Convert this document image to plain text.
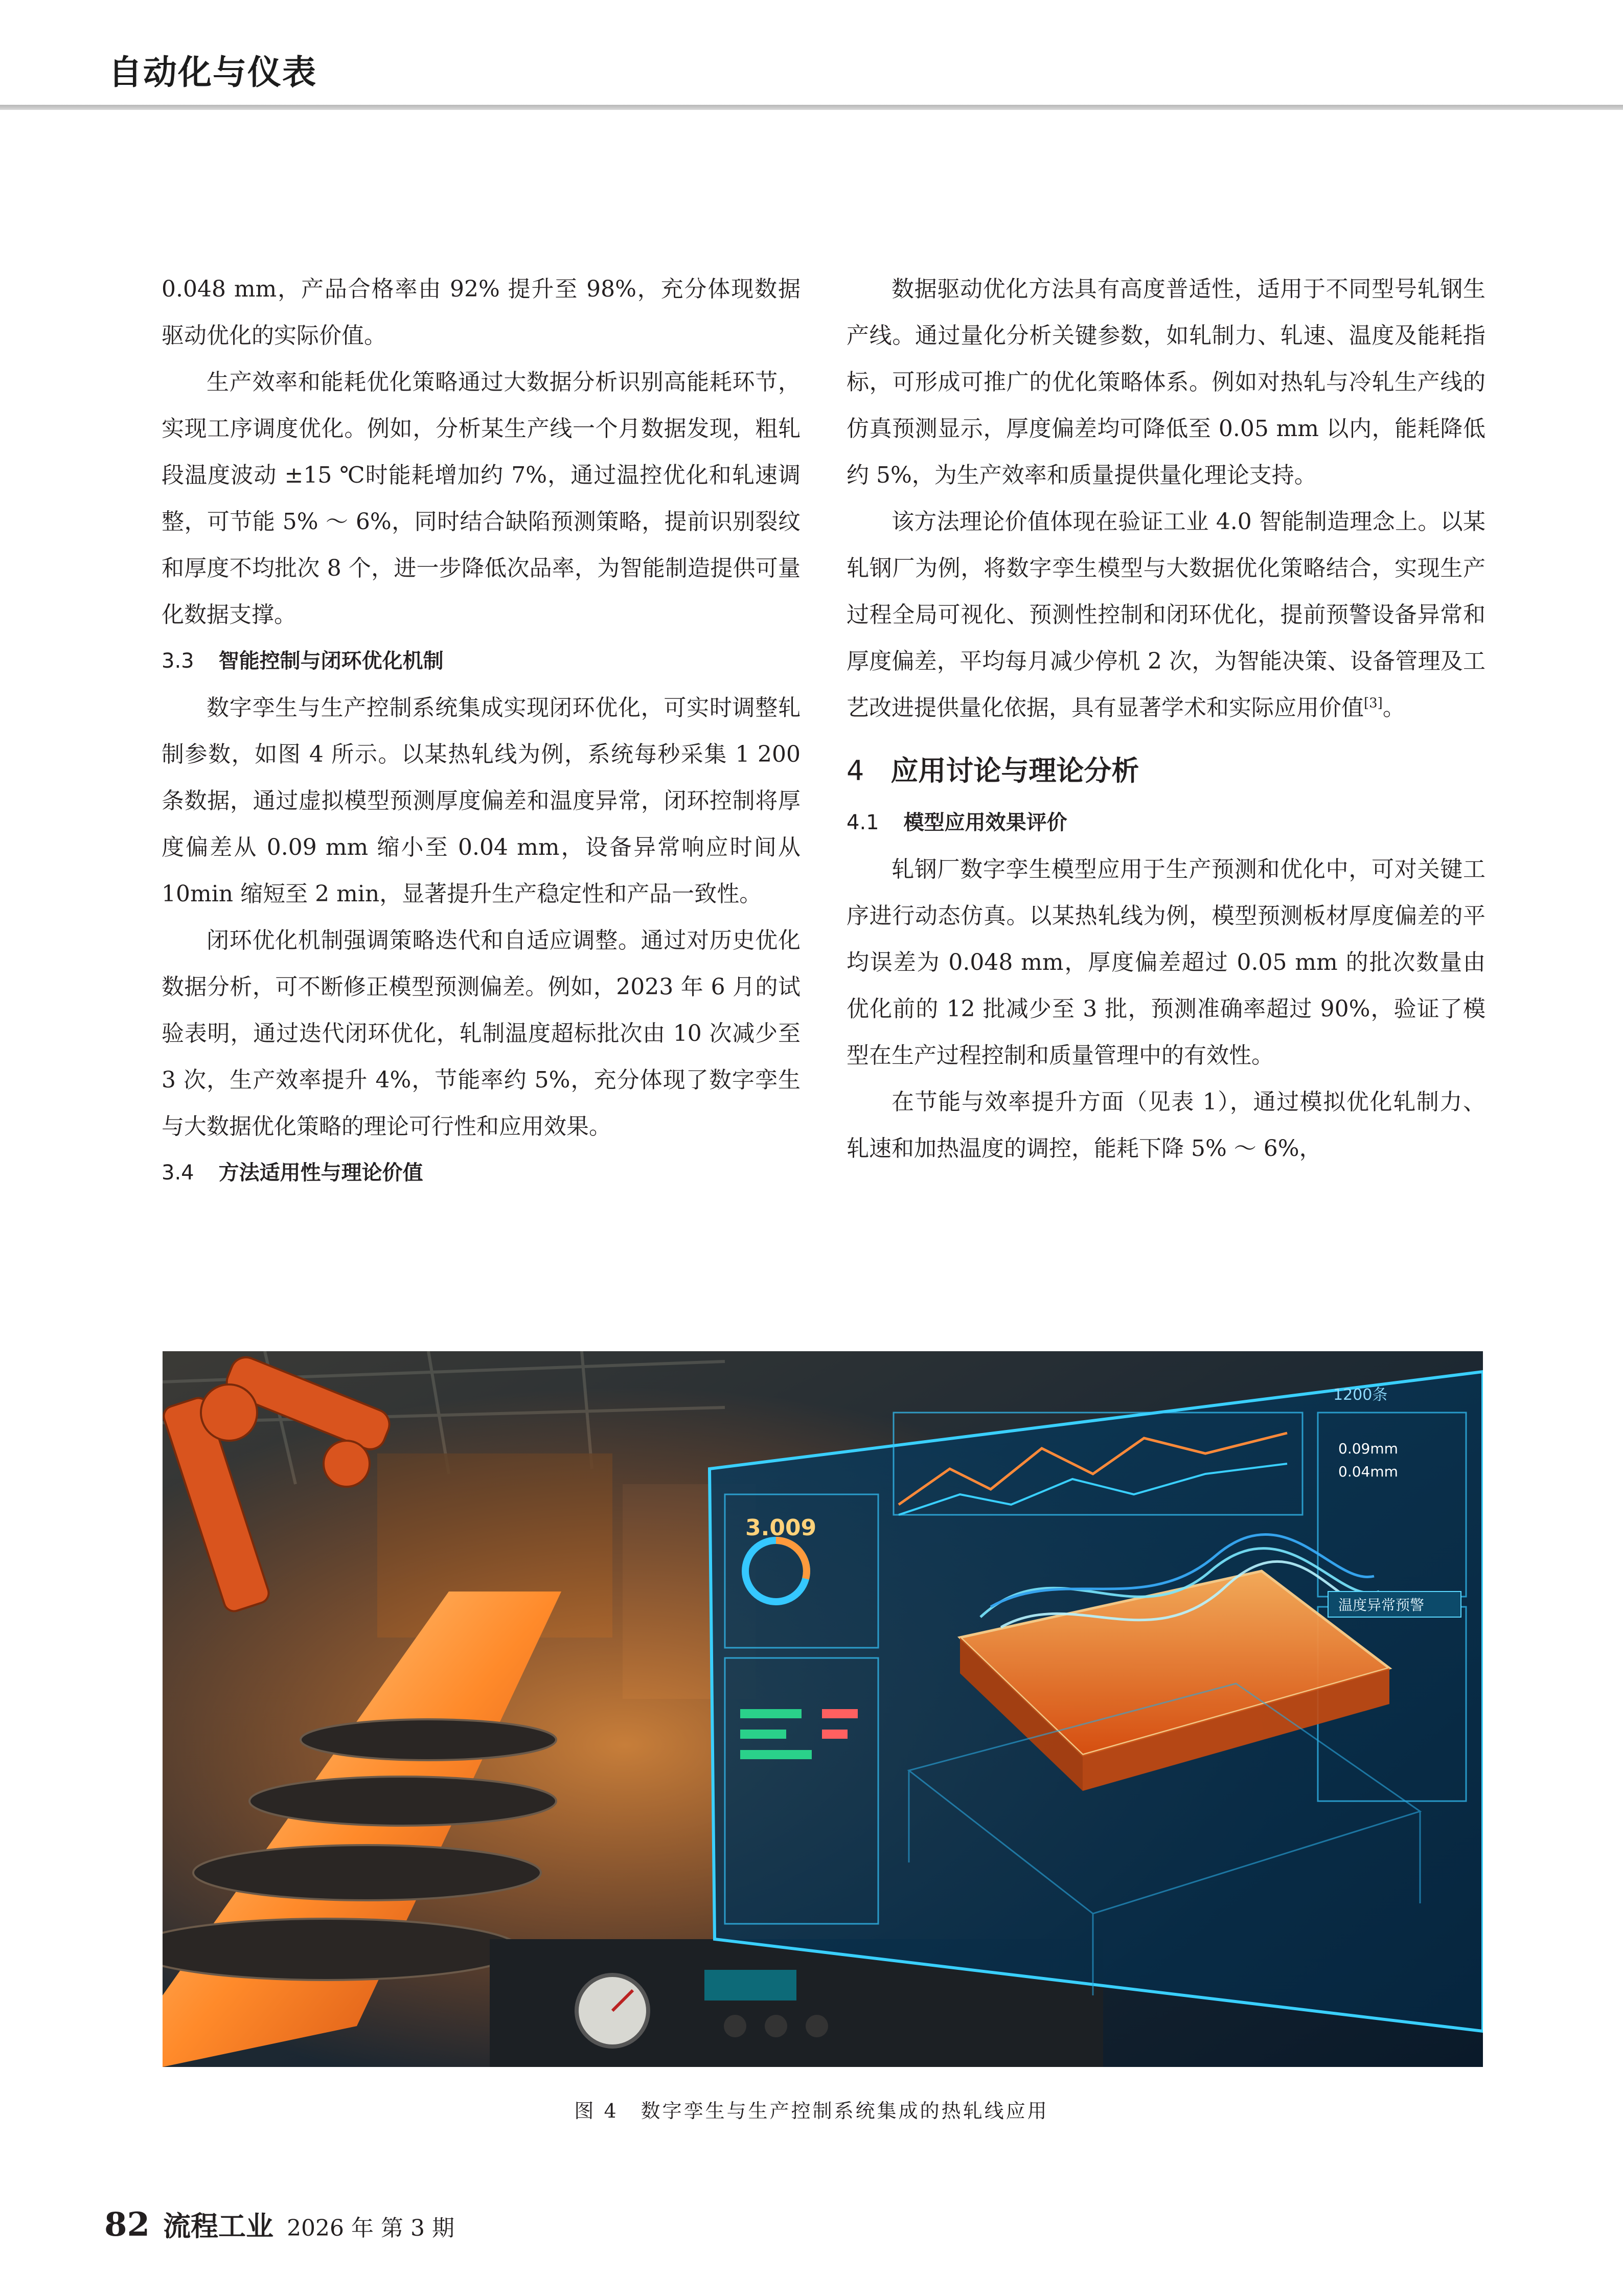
自动化与仪表

0.048 mm，产品合格率由 92% 提升至 98%，充分体现数据驱动优化的实际价值。

生产效率和能耗优化策略通过大数据分析识别高能耗环节，实现工序调度优化。例如，分析某生产线一个月数据发现，粗轧段温度波动 ±15 ℃时能耗增加约 7%，通过温控优化和轧速调整，可节能 5% ～ 6%，同时结合缺陷预测策略，提前识别裂纹和厚度不均批次 8 个，进一步降低次品率，为智能制造提供可量化数据支撑。

3.3 智能控制与闭环优化机制

数字孪生与生产控制系统集成实现闭环优化，可实时调整轧制参数，如图 4 所示。以某热轧线为例，系统每秒采集 1 200 条数据，通过虚拟模型预测厚度偏差和温度异常，闭环控制将厚度偏差从 0.09 mm 缩小至 0.04 mm，设备异常响应时间从 10min 缩短至 2 min，显著提升生产稳定性和产品一致性。

闭环优化机制强调策略迭代和自适应调整。通过对历史优化数据分析，可不断修正模型预测偏差。例如，2023 年 6 月的试验表明，通过迭代闭环优化，轧制温度超标批次由 10 次减少至 3 次，生产效率提升 4%，节能率约 5%，充分体现了数字孪生与大数据优化策略的理论可行性和应用效果。

3.4 方法适用性与理论价值

数据驱动优化方法具有高度普适性，适用于不同型号轧钢生产线。通过量化分析关键参数，如轧制力、轧速、温度及能耗指标，可形成可推广的优化策略体系。例如对热轧与冷轧生产线的仿真预测显示，厚度偏差均可降低至 0.05 mm 以内，能耗降低约 5%，为生产效率和质量提供量化理论支持。

该方法理论价值体现在验证工业 4.0 智能制造理念上。以某轧钢厂为例，将数字孪生模型与大数据优化策略结合，实现生产过程全局可视化、预测性控制和闭环优化，提前预警设备异常和厚度偏差，平均每月减少停机 2 次，为智能决策、设备管理及工艺改进提供量化依据，具有显著学术和实际应用价值[3]。

4 应用讨论与理论分析
4.1 模型应用效果评价

轧钢厂数字孪生模型应用于生产预测和优化中，可对关键工序进行动态仿真。以某热轧线为例，模型预测板材厚度偏差的平均误差为 0.048 mm，厚度偏差超过 0.05 mm 的批次数量由优化前的 12 批减少至 3 批，预测准确率超过 90%，验证了模型在生产过程控制和质量管理中的有效性。

在节能与效率提升方面（见表 1），通过模拟优化轧制力、轧速和加热温度的调控，能耗下降 5% ～ 6%，

3.009
1200条
0.09mm
0.04mm
温度异常预警
图 4 数字孪生与生产控制系统集成的热轧线应用
82 流程工业 2026 年 第 3 期
